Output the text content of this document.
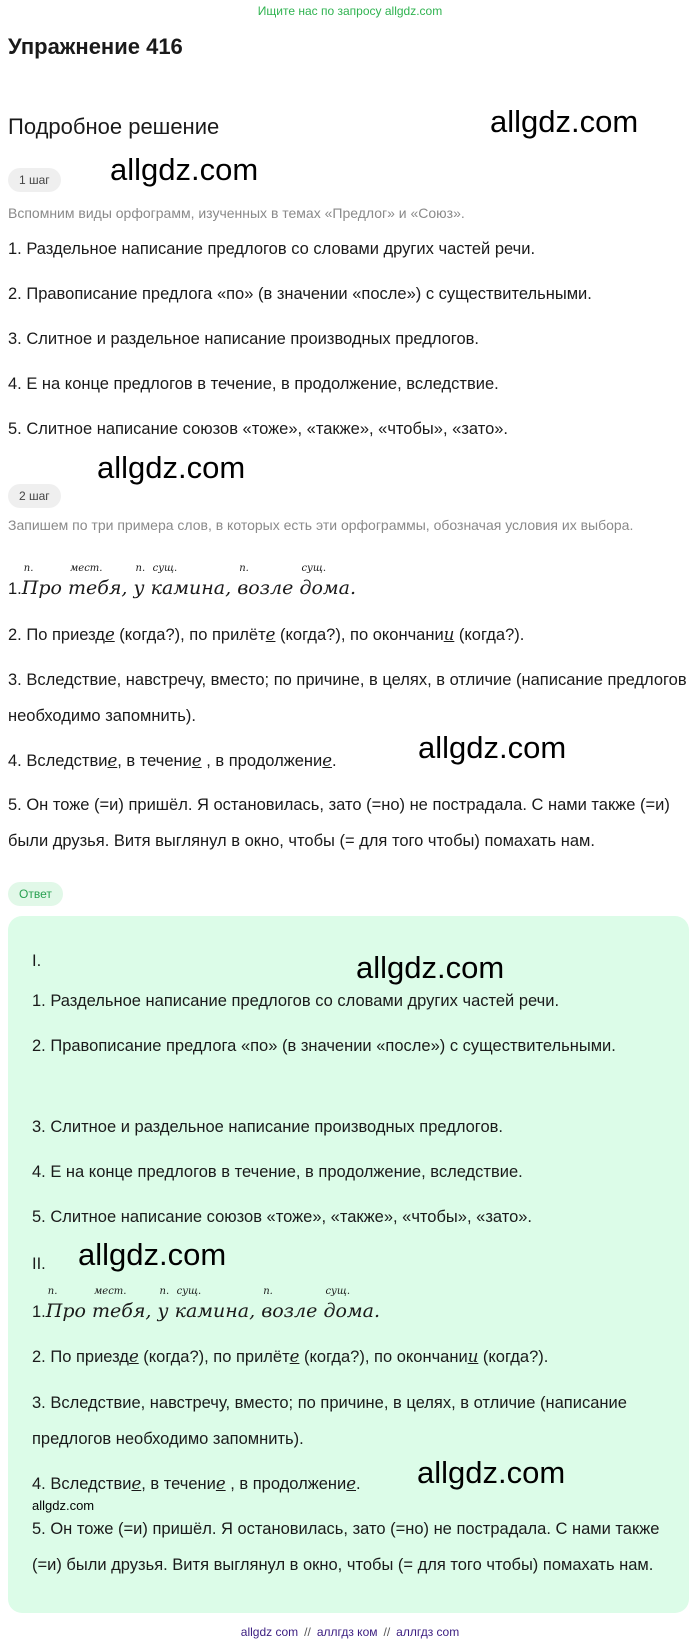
Ищите нас по запросу allgdz.com
Упражнение 416
Подробное решение	allgdz.com
allgdz.com
allgdz.com
allgdz.com
1 шаг
Вспомним виды орфограмм, изученных в темах «Предлог» и «Союз».
1. Раздельное написание предлогов со словами других частей речи.
2. Правописание предлога «по» (в значении «после») с существительными.
3. Слитное и раздельное написание производных предлогов.
4. Е на конце предлогов в течение, в продолжение, вследствие.
5. Слитное написание союзов «тоже», «также», «чтобы», «зато».
2 шаг
Запишем по три примера слов, в которых есть эти орфограммы, обозначая условия их выбора.
1.
п.
Про
мест.
тебя,
п.
у
сущ.
камина,
п.
возле
сущ.
дома.
2. По приезде (когда?), по прилёте (когда?), по окончании (когда?).
3. Вследствие, навстречу, вместо; по причине, в целях, в отличие (написание предлогов необходимо запомнить).
4. Вследствие, в течение , в продолжение.
5. Он тоже (=и) пришёл. Я остановилась, зато (=но) не пострадала. С нами также (=и) были друзья. Витя выглянул в окно, чтобы (= для того чтобы) помахать нам.
Ответ
allgdz.com
allgdz.com
allgdz.com
allgdz.com
I.
1. Раздельное написание предлогов со словами других частей речи.
2. Правописание предлога «по» (в значении «после») с существительными.
3. Слитное и раздельное написание производных предлогов.
4. Е на конце предлогов в течение, в продолжение, вследствие.
5. Слитное написание союзов «тоже», «также», «чтобы», «зато».
II.
1.
п.
Про
мест.
тебя,
п.
у
сущ.
камина,
п.
возле
сущ.
дома.
2. По приезде (когда?), по прилёте (когда?), по окончании (когда?).
3. Вследствие, навстречу, вместо; по причине, в целях, в отличие (написание предлогов необходимо запомнить).
4. Вследствие, в течение , в продолжение.
5. Он тоже (=и) пришёл. Я остановилась, зато (=но) не пострадала. С нами также (=и) были друзья. Витя выглянул в окно, чтобы (= для того чтобы) помахать нам.
allgdz com // аллгдз ком // аллгдз com
